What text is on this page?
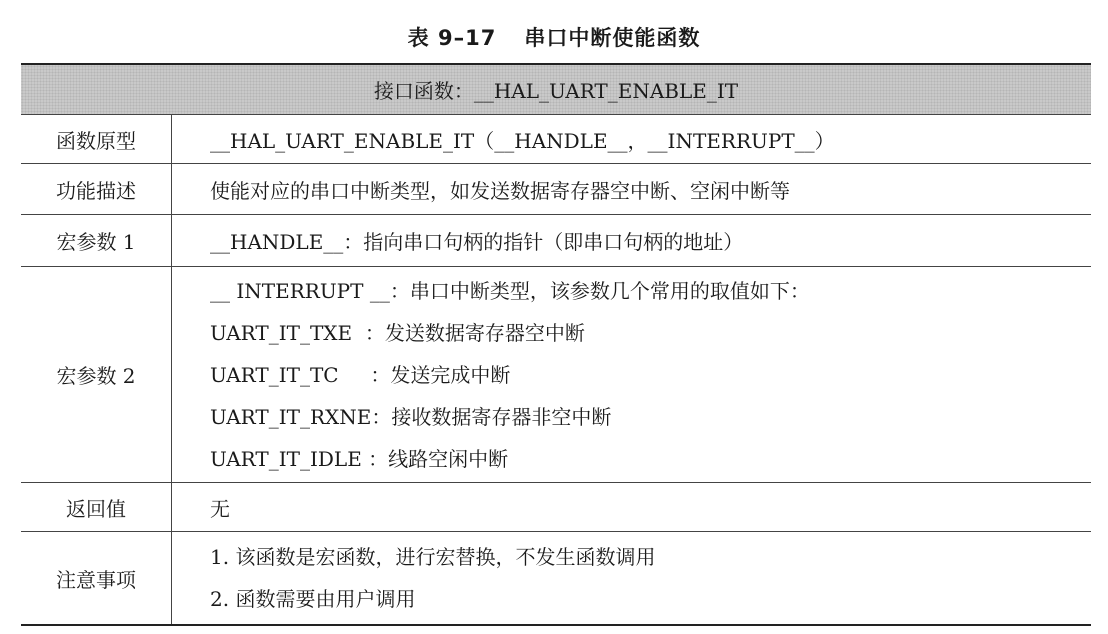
表 9–17 串口中断使能函数
接口函数：__HAL_UART_ENABLE_IT	
函数原型	__HAL_UART_ENABLE_IT（__HANDLE__，__INTERRUPT__）
功能描述	使能对应的串口中断类型，如发送数据寄存器空中断、空闲中断等
宏参数 1	__HANDLE__：指向串口句柄的指针（即串口句柄的地址）
宏参数 2	__ INTERRUPT __：串口中断类型，该参数几个常用的取值如下：
UART_IT_TXE  ：发送数据寄存器空中断
UART_IT_TC     ：发送完成中断
UART_IT_RXNE：接收数据寄存器非空中断
UART_IT_IDLE ：线路空闲中断

返回值	无
注意事项	1. 该函数是宏函数，进行宏替换，不发生函数调用
2. 函数需要由用户调用
